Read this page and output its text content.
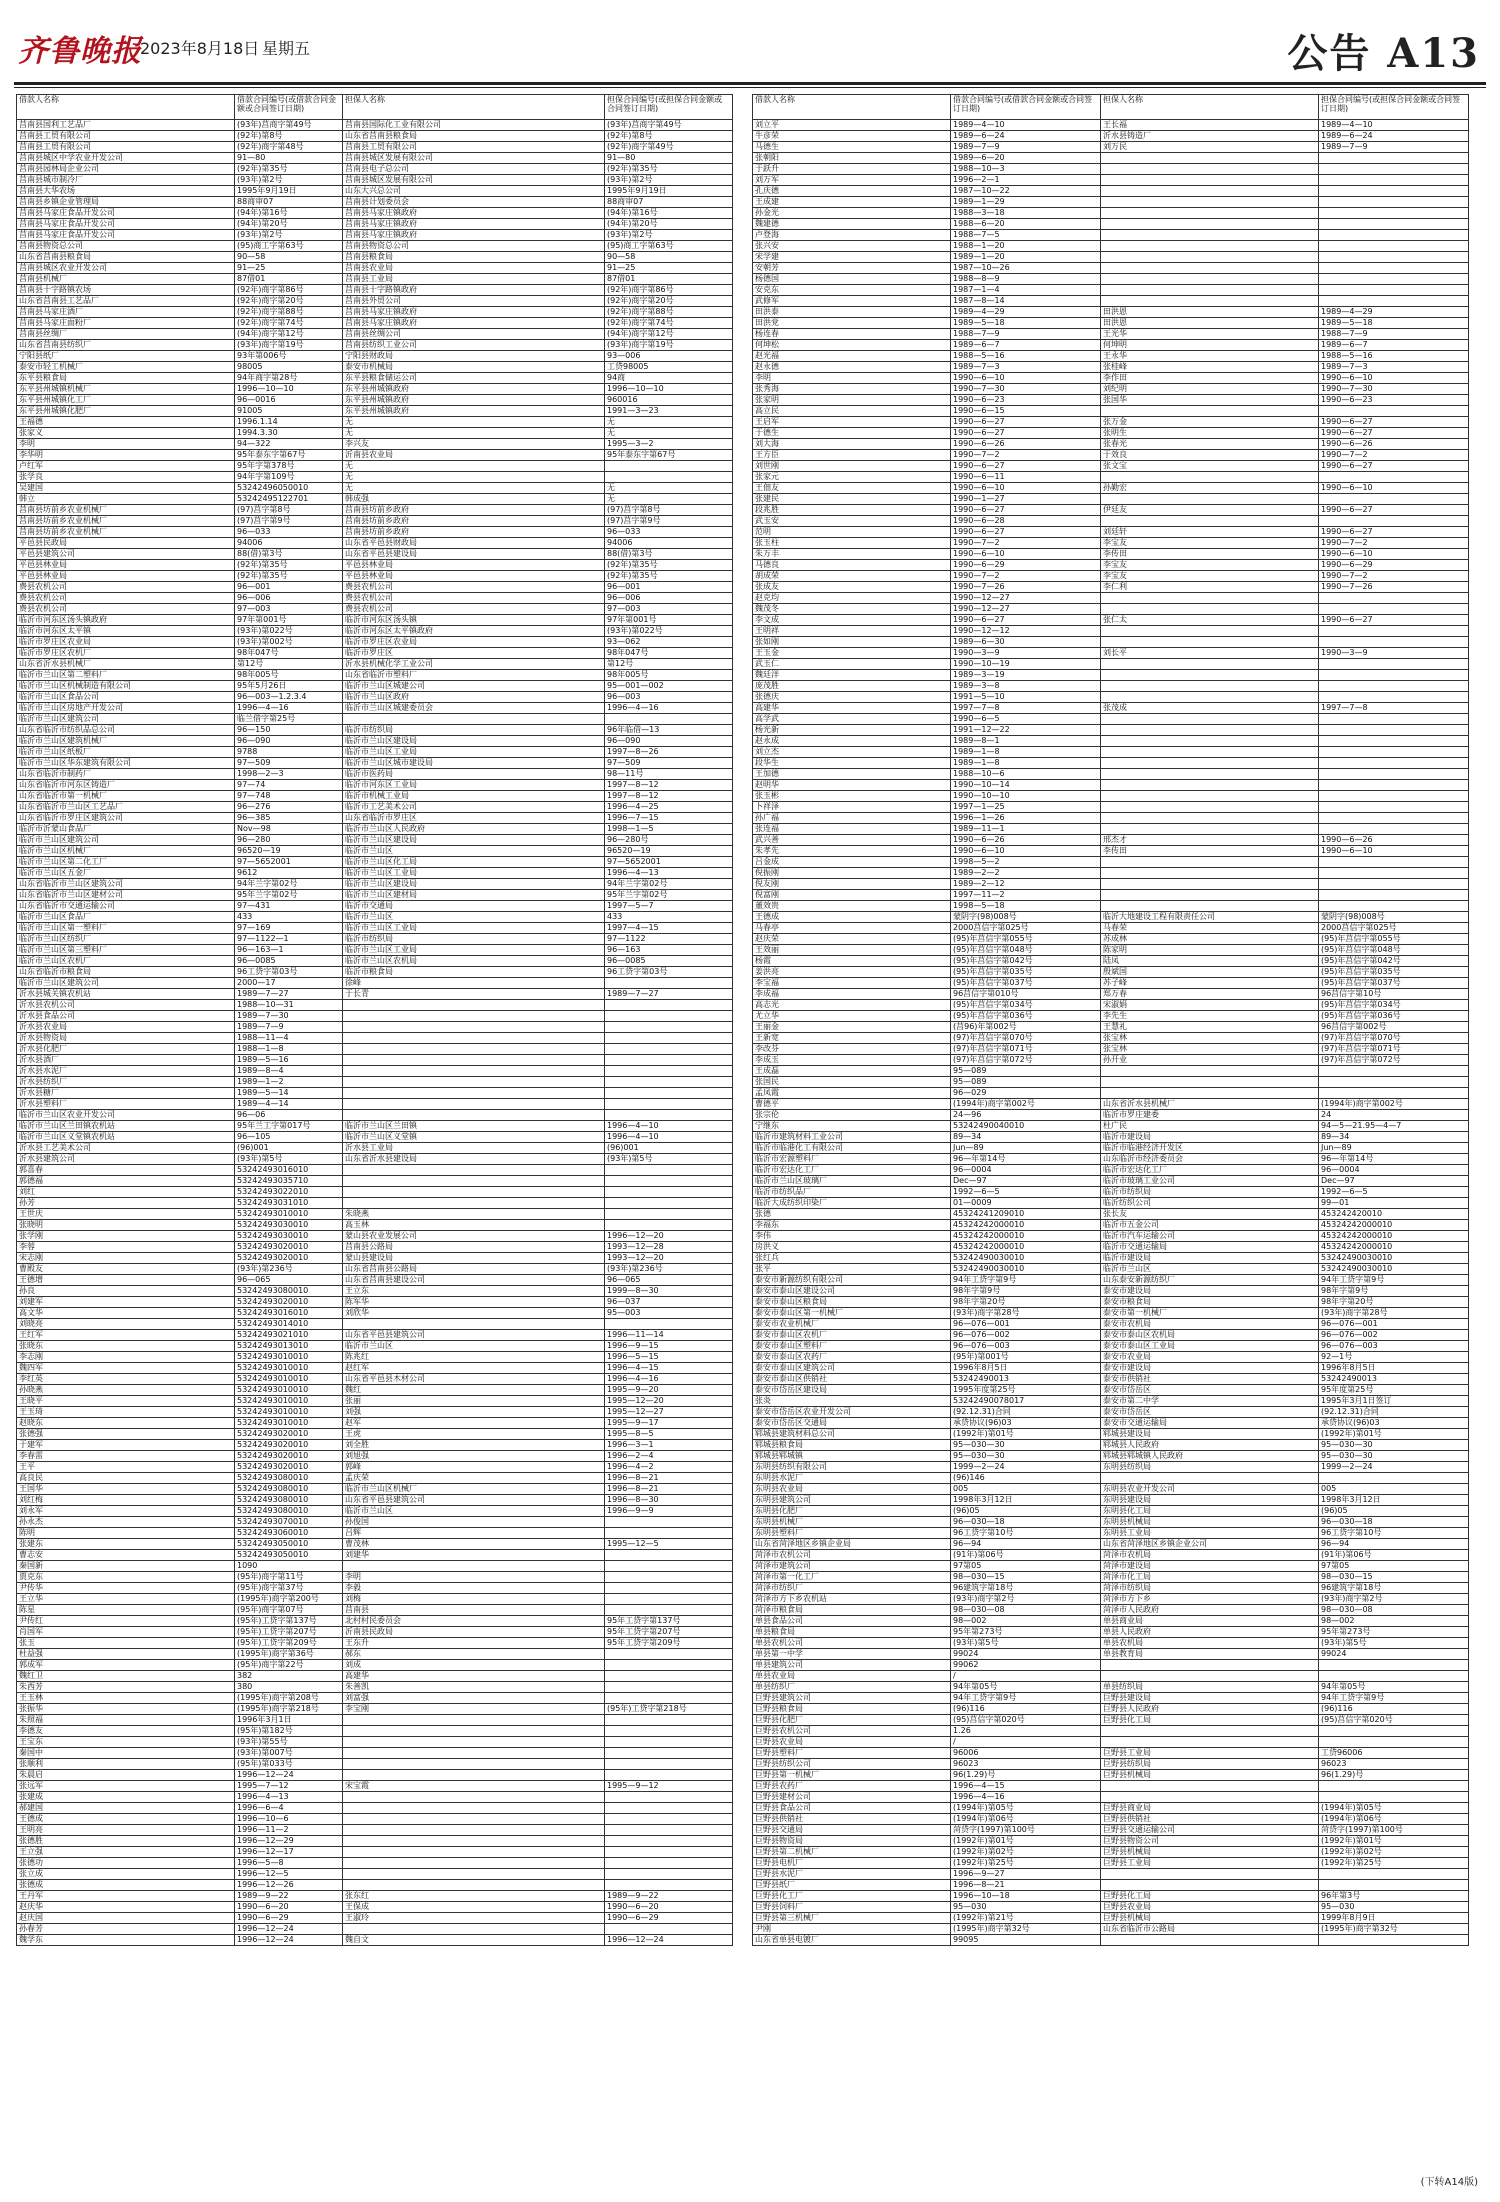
齐鲁晚报
2023年8月18日 星期五	公告 A13
借款人名称	借款合同编号(或借款合同金额或合同签订日期)	担保人名称	担保合同编号(或担保合同金额或合同签订日期)
莒南县国利工艺品厂	(93年)莒商字第49号	莒南县国际化工业有限公司	(93年)莒商字第49号
莒南县工贸有限公司	(92年)第8号	山东省莒南县粮食局	(92年)第8号
莒南县工贸有限公司	(92年)商字第48号	莒南县工贸有限公司	(92年)商字第49号
莒南县城区中学农业开发公司	91—80	莒南县城区发展有限公司	91—80
莒南县园林局企业公司	(92年)第35号	莒南县电子总公司	(92年)第35号
莒南县城市制冷厂	(93年)第2号	莒南县城区发展有限公司	(93年)第2号
莒南县大华农场	1995年9月19日	山东大兴总公司	1995年9月19日
莒南县乡镇企业管理局	88商审07	莒南县计划委员会	88商审07
莒南县马家庄食品开发公司	(94年)第16号	莒南县马家庄镇政府	(94年)第16号
莒南县马家庄食品开发公司	(94年)第20号	莒南县马家庄镇政府	(94年)第20号
莒南县马家庄食品开发公司	(93年)第2号	莒南县马家庄镇政府	(93年)第2号
莒南县物资总公司	(95)商工字第63号	莒南县物资总公司	(95)商工字第63号
山东省莒南县粮食局	90—58	莒南县粮食局	90—58
莒南县城区农业开发公司	91—25	莒南县农业局	91—25
莒南县机械厂	87借01	莒南县工业局	87借01
莒南县十字路镇农场	(92年)商字第86号	莒南县十字路镇政府	(92年)商字第86号
山东省莒南县工艺品厂	(92年)商字第20号	莒南县外贸公司	(92年)商字第20号
莒南县马家庄酒厂	(92年)商字第88号	莒南县马家庄镇政府	(92年)商字第88号
莒南县马家庄面粉厂	(92年)商字第74号	莒南县马家庄镇政府	(92年)商字第74号
莒南县丝绸厂	(94年)商字第12号	莒南县丝绸公司	(94年)商字第12号
山东省莒南县纺织厂	(93年)商字第19号	莒南县纺织工业公司	(93年)商字第19号
宁阳县纸厂	93年第006号	宁阳县财政局	93—006
泰安市轻工机械厂	98005	泰安市机械局	工贷98005
东平县粮食局	94年商字第28号	东平县粮食储运公司	94商
东平县州城镇机械厂	1996—10—10	东平县州城镇政府	1996—10—10
东平县州城镇化工厂	96—0016	东平县州城镇政府	960016
东平县州城镇化肥厂	91005	东平县州城镇政府	1991—3—23
王福德	1996.1.14	无	无
张家义	1994.3.30	无	无
李明	94—322	李兴友	1995—3—2
李华明	95年泰东字第67号	沂南县农业局	95年泰东字第67号
卢红军	95年字第378号	无	
张学良	94年字第109号	无	
吴建国	53242496050010	无	无
韩立	53242495122701	韩成强	无
莒南县坊前乡农业机械厂	(97)莒字第8号	莒南县坊前乡政府	(97)莒字第8号
莒南县坊前乡农业机械厂	(97)莒字第9号	莒南县坊前乡政府	(97)莒字第9号
莒南县坊前乡农业机械厂	96—033	莒南县坊前乡政府	96—033
平邑县民政局	94006	山东省平邑县财政局	94006
平邑县建筑公司	88(借)第3号	山东省平邑县建设局	88(借)第3号
平邑县林业局	(92年)第35号	平邑县林业局	(92年)第35号
平邑县林业局	(92年)第35号	平邑县林业局	(92年)第35号
费县农机公司	96—001	费县农机公司	96—001
费县农机公司	96—006	费县农机公司	96—006
费县农机公司	97—003	费县农机公司	97—003
临沂市河东区汤头镇政府	97年第001号	临沂市河东区汤头镇	97年第001号
临沂市河东区太平镇	(93年)第022号	临沂市河东区太平镇政府	(93年)第022号
临沂市罗庄区农业局	(93年)第002号	临沂市罗庄区农业局	93—062
临沂市罗庄区农机厂	98年047号	临沂市罗庄区	98年047号
山东省沂水县机械厂	第12号	沂水县机械化学工业公司	第12号
临沂市兰山区第二塑料厂	98年005号	山东省临沂市塑料厂	98年005号
临沂市兰山区机械制造有限公司	95年5月26日	临沂市兰山区城建公司	95—001—002
临沂市兰山区食品公司	96—003—1.2.3.4	临沂市兰山区政府	96—003
临沂市兰山区房地产开发公司	1996—4—16	临沂市兰山区城建委员会	1996—4—16
临沂市兰山区建筑公司	临兰借字第25号		
山东省临沂市纺织品总公司	96—150	临沂市纺织局	96年临借—13
临沂市兰山区建筑机械厂	96—090	临沂市兰山区建设局	96—090
临沂市兰山区纸板厂	9788	临沂市兰山区工业局	1997—8—26
临沂市兰山区华东建筑有限公司	97—509	临沂市兰山区城市建设局	97—509
山东省临沂市制药厂	1998—2—3	临沂市医药局	98—11号
山东省临沂市河东区铸造厂	97—74	临沂市河东区工业局	1997—8—12
山东省临沂市第一机械厂	97—748	临沂市机械工业局	1997—8—12
山东省临沂市兰山区工艺品厂	96—276	临沂市工艺美术公司	1996—4—25
山东省临沂市罗庄区建筑公司	96—385	山东省临沂市罗庄区	1996—7—15
临沂市沂蒙山食品厂	Nov—98	临沂市兰山区人民政府	1998—1—5
临沂市兰山区建筑公司	96—280	临沂市兰山区建设局	96—280号
临沂市兰山区机械厂	96520—19	临沂市兰山区	96520—19
临沂市兰山区第二化工厂	97—5652001	临沂市兰山区化工局	97—5652001
临沂市兰山区五金厂	9612	临沂市兰山区工业局	1996—4—13
山东省临沂市兰山区建筑公司	94年兰字第02号	临沂市兰山区建设局	94年兰字第02号
山东省临沂市兰山区建材公司	95年兰字第02号	临沂市兰山区建材局	95年兰字第02号
山东省临沂市交通运输公司	97—431	临沂市交通局	1997—5—7
临沂市兰山区食品厂	433	临沂市兰山区	433
临沂市兰山区第一塑料厂	97—169	临沂市兰山区工业局	1997—4—15
临沂市兰山区纺织厂	97—1122—1	临沂市纺织局	97—1122
临沂市兰山区第三塑料厂	96—163—1	临沂市兰山区工业局	96—163
临沂市兰山区农机厂	96—0085	临沂市兰山区农机局	96—0085
山东省临沂市粮食局	96工贷字第03号	临沂市粮食局	96工贷字第03号
临沂市兰山区建筑公司	2000—17	徐峰	
沂水县城关镇农机站	1989—7—27	于长青	1989—7—27
沂水县农机公司	1988—10—31		
沂水县食品公司	1989—7—30		
沂水县农业局	1989—7—9		
沂水县物资局	1988—11—4		
沂水县化肥厂	1988—1—8		
沂水县酒厂	1989—5—16		
沂水县水泥厂	1989—8—4		
沂水县纺织厂	1989—1—2		
沂水县糖厂	1989—5—14		
沂水县塑料厂	1989—4—14		
临沂市兰山区农业开发公司	96—06		
临沂市兰山区兰田镇农机站	95年兰工字第017号	临沂市兰山区兰田镇	1996—4—10
临沂市兰山区义堂镇农机站	96—105	临沂市兰山区义堂镇	1996—4—10
沂水县工艺美术公司	(96)001	沂水县工业局	(96)001
沂水县建筑公司	(93年)第5号	山东省沂水县建设局	(93年)第5号
郭喜春	53242493016010		
郭德福	53242493035710		
刘红	53242493022010		
孙芳	53242493031010		
王世庆	53242493010010	朱晓燕	
张晓明	53242493030010	高玉林	
张学刚	53242493030010	蒙山县农业发展公司	1996—12—20
李蓉	53242493020010	莒南县公路局	1993—12—28
宋志刚	53242493020010	蒙山县建设局	1993—12—20
曹殿友	(93年)第236号	山东省莒南县公路局	(93年)第236号
王德增	96—065	山东省莒南县建设公司	96—065
孙良	53242493080010	王立东	1999—8—30
刘建军	53242493020010	陈军华	96—037
高文华	53242493016010	刘欣华	95—003
刘晓亮	53242493014010		
王红军	53242493021010	山东省平邑县建筑公司	1996—11—14
张晓东	53242493013010	临沂市兰山区	1996—9—15
李志刚	53242493010010	陈兆红	1996—5—15
魏四军	53242493010010	赵红军	1996—4—15
李红英	53242493010010	山东省平邑县木材公司	1996—4—16
孙晓燕	53242493010010	魏红	1995—9—20
王晓平	53242493010010	张丽	1995—12—20
王玉琦	53242493010010	刘强	1995—12—27
赵晓东	53242493010010	赵军	1995—9—17
张德强	53242493020010	王虎	1995—8—5
于建军	53242493020010	刘全胜	1996—3—1
李春雷	53242493020010	刘旭强	1996—2—4
王平	53242493020010	郭峰	1996—4—2
高良民	53242493080010	孟庆荣	1996—8—21
王国华	53242493080010	临沂市兰山区机械厂	1996—8—21
刘红梅	53242493080010	山东省平邑县建筑公司	1996—8—30
刘永军	53242493080010	临沂市兰山区	1996—9—9
孙永杰	53242493070010	孙俊国	
陈明	53242493060010	吕辉	
张建东	53242493050010	曹茂林	1995—12—5
曹志安	53242493050010	刘建华	
秦国新	1090		
贾克东	(95年)商字第11号	李明	
尹传华	(95年)商字第37号	李毅	
王立华	(1995年)商字第200号	刘梅	
陈星	(95年)商字第07号	莒南县	
尹传红	(95年)工贷字第137号	北村村民委员会	95年工贷字第137号
肖国军	(95年)工贷字第207号	沂南县民政局	95年工贷字第207号
张玉	(95年)工贷字第209号	王东升	95年工贷字第209号
杜益强	(1995年)商字第36号	郝东	
郭成军	(95年)商字第22号	刘成	
魏红卫	382	高建华	
朱西芳	380	朱善凯	
王玉林	(1995年)商字第208号	刘富强	
张振华	(1995年)商字第218号	李宝刚	(95年)工贷字第218号
朱照福	1996年3月1日		
李德友	(95年)第182号		
王宝东	(93年)第55号		
秦国中	(93年)第007号		
张顺利	(95年)第033号		
朱晨启	1996—12—24		
张远军	1995—7—12	宋宝霞	1995—9—12
张建成	1996—4—13		
郝建国	1996—6—4		
王德成	1996—10—6		
王明亮	1996—11—2		
张德胜	1996—12—29		
王立强	1996—12—17		
张德功	1996—5—8		
张立成	1996—12—5		
张德成	1996—12—26		
王丹军	1989—9—22	张东红	1989—9—22
赵庆华	1990—6—20	王保成	1990—6—20
赵庆国	1990—6—29	王淑玲	1990—6—29
孙春芳	1996—12—24		
魏学东	1996—12—24	魏自文	1996—12—24
借款人名称	借款合同编号(或借款合同金额或合同签订日期)	担保人名称	担保合同编号(或担保合同金额或合同签订日期)
刘立平	1989—4—10	王长福	1989—4—10
牛彦荣	1989—6—24	沂水县铸造厂	1989—6—24
马德生	1989—7—9	刘万民	1989—7—9
张朝阳	1989—6—20		
于跃升	1988—10—3		
刘万军	1996—2—1		
孔庆德	1987—10—22		
王成建	1989—1—29		
孙金光	1988—3—18		
魏建德	1988—6—20		
卢登海	1988—7—5		
张兴安	1988—1—20		
宋学建	1989—1—20		
安朝芳	1987—10—26		
杨德国	1988—8—9		
安克东	1987—1—4		
武修军	1987—8—14		
田洪泰	1989—4—29	田洪恩	1989—4—29
田洪党	1989—5—18	田洪恩	1989—5—18
杨连春	1988—7—9	王光华	1988—7—9
何坤松	1989—6—7	何坤明	1989—6—7
赵光福	1988—5—16	王永华	1988—5—16
赵永德	1989—7—3	张桂峰	1989—7—3
李明	1990—6—10	李作田	1990—6—10
张秀海	1990—7—30	刘纪明	1990—7—30
张家明	1990—6—23	张国华	1990—6—23
高立民	1990—6—15		
王启军	1990—6—27	张万金	1990—6—27
于德生	1990—6—27	张明生	1990—6—27
刘大海	1990—6—26	张春光	1990—6—26
王方臣	1990—7—2	于效良	1990—7—2
刘世刚	1990—6—27	张文宝	1990—6—27
张家元	1990—6—11		
王佃友	1990—6—10	孙勤宏	1990—6—10
张建民	1990—1—27		
段兆胜	1990—6—27	伊廷友	1990—6—27
武玉安	1990—6—28		
范明	1990—6—27	刘廷轩	1990—6—27
张玉柱	1990—7—2	李宝友	1990—7—2
朱万丰	1990—6—10	李传田	1990—6—10
马德良	1990—6—29	李宝友	1990—6—29
胡成荣	1990—7—2	李宝友	1990—7—2
张成友	1990—7—26	李仁利	1990—7—26
赵克均	1990—12—27		
魏茂冬	1990—12—27		
李文成	1990—6—27	张仁太	1990—6—27
王明祥	1990—12—12		
张如刚	1989—6—30		
王玉金	1990—3—9	刘长平	1990—3—9
武玉仁	1990—10—19		
魏廷洋	1989—3—19		
庞茂胜	1989—3—8		
张德庆	1991—5—10		
高建华	1997—7—8	张茂成	1997—7—8
高学武	1990—6—5		
杨光新	1991—12—22		
赵永成	1989—8—1		
刘立杰	1989—1—8		
段华生	1989—1—8		
王加德	1988—10—6		
赵明华	1990—10—14		
张玉彬	1990—10—10		
卜祥泽	1997—1—25		
孙广福	1996—1—26		
张连福	1989—11—1		
武兴善	1990—6—26	邢杰才	1990—6—26
朱孝先	1990—6—10	李传田	1990—6—10
吕金成	1998—5—2		
倪振刚	1989—2—2		
倪友刚	1989—2—12		
倪富刚	1997—11—2		
董效贵	1998—5—18		
王德成	蒙阴字(98)008号	临沂大地建设工程有限责任公司	蒙阴字(98)008号
马春亭	2000莒信字第025号	马春荣	2000莒信字第025号
赵庆荣	(95)年莒信字第055号	苏成林	(95)年莒信字第055号
王效丽	(95)年莒信字第048号	陈家明	(95)年莒信字第048号
杨霞	(95)年莒信字第042号	陆凤	(95)年莒信字第042号
姜洪亮	(95)年莒信字第035号	殷斌国	(95)年莒信字第035号
李宝福	(95)年莒信字第037号	苏子峰	(95)年莒信字第037号
李成福	96莒信字第010号	郑万春	96莒信字第10号
高志光	(95)年莒信字第034号	宋淑娟	(95)年莒信字第034号
尤立华	(95)年莒信字第036号	李先生	(95)年莒信字第036号
王丽金	(莒96)年第002号	王慧礼	96莒信字第002号
王新宽	(97)年莒信字第070号	张宝林	(97)年莒信字第070号
李改芬	(97)年莒信字第071号	张宝林	(97)年莒信字第071号
李成玉	(97)年莒信字第072号	孙开业	(97)年莒信字第072号
王成磊	95—089		
张国民	95—089		
孟凤霞	96—029		
曹德平	(1994年)商字第002号	山东省沂水县机械厂	(1994年)商字第002号
张宗伦	24—96	临沂市罗庄建委	24
宁继东	53242490040010	杜广民	94—5—21.95—4—7
临沂市建筑材料工业公司	89—34	临沂市建设局	89—34
临沂市临港化工有限公司	Jun—89	临沂市临港经济开发区	Jun—89
临沂市宏源塑料厂	96—年第14号	山东临沂市经济委员会	96—年第14号
临沂市宏达化工厂	96—0004	临沂市宏达化工厂	96—0004
临沂市兰山区玻璃厂	Dec—97	临沂市玻璃工业公司	Dec—97
临沂市纺织品厂	1992—6—5	临沂市纺织局	1992—6—5
临沂大成纺织印染厂	01—0009	临沂纺织公司	99—01
张德	45324241209010	张长友	453242420010
李福东	45324242000010	临沂市五金公司	45324242000010
李伟	45324242000010	临沂市汽车运输公司	45324242000010
房洪义	45324242000010	临沂市交通运输局	45324242000010
张红兵	53242490030010	临沂市建设局	53242490030010
张平	53242490030010	临沂市兰山区	53242490030010
泰安市新源纺织有限公司	94年工贷字第9号	山东泰安新源纺织厂	94年工贷字第9号
泰安市泰山区建设公司	98年字第9号	泰安市建设局	98年字第9号
泰安市泰山区粮食局	98年字第20号	泰安市粮食局	98年字第20号
泰安市泰山区第一机械厂	(93年)商字第28号	泰安市第一机械厂	(93年)商字第28号
泰安市农业机械厂	96—076—001	泰安市农机局	96—076—001
泰安市泰山区农机厂	96—076—002	泰安市泰山区农机局	96—076—002
泰安市泰山区塑料厂	96—076—003	泰安市泰山区工业局	96—076—003
泰安市泰山区农药厂	(95年)第001号	泰安市农业局	92—1号
泰安市泰山区建筑公司	1996年8月5日	泰安市建设局	1996年8月5日
泰安市泰山区供销社	53242490013	泰安市供销社	53242490013
泰安市岱岳区建设局	1995年度第25号	泰安市岱岳区	95年度第25号
张炎	53242490078017	泰安市第二中学	1995年3月1日签订
泰安市岱岳区农业开发公司	(92.12.31)合同	泰安市岱岳区	(92.12.31)合同
泰安市岱岳区交通局	承贷协议(96)03	泰安市交通运输局	承贷协议(96)03
郓城县建筑材料总公司	(1992年)第01号	郓城县建设局	(1992年)第01号
郓城县粮食局	95—030—30	郓城县人民政府	95—030—30
郓城县郓城镇	95—030—30	郓城县郓城镇人民政府	95—030—30
东明县纺织有限公司	1999—2—24	东明县纺织局	1999—2—24
东明县水泥厂	(96)146		
东明县农业局	005	东明县农业开发公司	005
东明县建筑公司	1998年3月12日	东明县建设局	1998年3月12日
东明县化肥厂	(96)05	东明县化工局	(96)05
东明县机械厂	96—030—18	东明县机械局	96—030—18
东明县塑料厂	96工贷字第10号	东明县工业局	96工贷字第10号
山东省菏泽地区乡镇企业局	96—94	山东省菏泽地区乡镇企业公司	96—94
菏泽市农机公司	(91年)第06号	菏泽市农机局	(91年)第06号
菏泽市建筑公司	97第05	菏泽市建设局	97第05
菏泽市第一化工厂	98—030—15	菏泽市化工局	98—030—15
菏泽市纺织厂	96建筑字第18号	菏泽市纺织局	96建筑字第18号
菏泽市方下乡农机站	(93年)商字第2号	菏泽市方下乡	(93年)商字第2号
菏泽市粮食局	98—030—08	菏泽市人民政府	98—030—08
单县食品公司	98—002	单县商业局	98—002
单县粮食局	95年第273号	单县人民政府	95年第273号
单县农机公司	(93年)第5号	单县农机局	(93年)第5号
单县第一中学	99024	单县教育局	99024
单县建筑公司	99062		
单县农业局	/		
单县纺织厂	94年第05号	单县纺织局	94年第05号
巨野县建筑公司	94年工贷字第9号	巨野县建设局	94年工贷字第9号
巨野县粮食局	(96)116	巨野县人民政府	(96)116
巨野县化肥厂	(95)莒信字第020号	巨野县化工局	(95)莒信字第020号
巨野县农机公司	1.26		
巨野县农业局	/		
巨野县塑料厂	96006	巨野县工业局	工贷96006
巨野县纺织公司	96023	巨野县纺织局	96023
巨野县第一机械厂	96(1.29)号	巨野县机械局	96(1.29)号
巨野县农药厂	1996—4—15		
巨野县建材公司	1996—4—16		
巨野县食品公司	(1994年)第05号	巨野县商业局	(1994年)第05号
巨野县供销社	(1994年)第06号	巨野县供销社	(1994年)第06号
巨野县交通局	菏贷字(1997)第100号	巨野县交通运输公司	菏贷字(1997)第100号
巨野县物资局	(1992年)第01号	巨野县物资公司	(1992年)第01号
巨野县第二机械厂	(1992年)第02号	巨野县机械局	(1992年)第02号
巨野县电机厂	(1992年)第25号	巨野县工业局	(1992年)第25号
巨野县水泥厂	1996—9—27		
巨野县纸厂	1996—8—21		
巨野县化工厂	1996—10—18	巨野县化工局	96年第3号
巨野县饲料厂	95—030	巨野县农业局	95—030
巨野县第三机械厂	(1992年)第21号	巨野县机械局	1999年8月9日
尹刚	(1995年)商字第32号	山东省临沂市公路局	(1995年)商字第32号
山东省单县电镀厂	99095		
(下转A14版)
